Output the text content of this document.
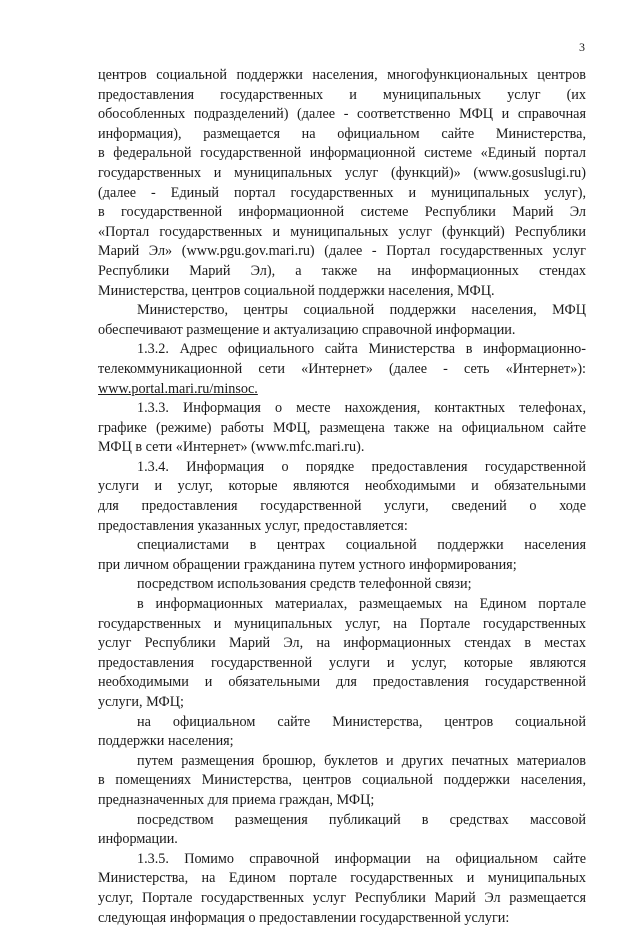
3
центров социальной поддержки населения, многофункциональных центров
предоставления государственных и муниципальных услуг (их
обособленных подразделений) (далее - соответственно МФЦ и справочная
информация), размещается на официальном сайте Министерства,
в федеральной государственной информационной системе «Единый портал
государственных и муниципальных услуг (функций)» (www.gosuslugi.ru)
(далее - Единый портал государственных и муниципальных услуг),
в государственной информационной системе Республики Марий Эл
«Портал государственных и муниципальных услуг (функций) Республики
Марий Эл» (www.pgu.gov.mari.ru) (далее - Портал государственных услуг
Республики Марий Эл), а также на информационных стендах
Министерства, центров социальной поддержки населения, МФЦ.
Министерство, центры социальной поддержки населения, МФЦ
обеспечивают размещение и актуализацию справочной информации.
1.3.2. Адрес официального сайта Министерства в информационно-
телекоммуникационной сети «Интернет» (далее - сеть «Интернет»):
www.portal.mari.ru/minsoc.
1.3.3. Информация о месте нахождения, контактных телефонах,
графике (режиме) работы МФЦ, размещена также на официальном сайте
МФЦ в сети «Интернет» (www.mfc.mari.ru).
1.3.4. Информация о порядке предоставления государственной
услуги и услуг, которые являются необходимыми и обязательными
для предоставления государственной услуги, сведений о ходе
предоставления указанных услуг, предоставляется:
специалистами в центрах социальной поддержки населения
при личном обращении гражданина путем устного информирования;
посредством использования средств телефонной связи;
в информационных материалах, размещаемых на Едином портале
государственных и муниципальных услуг, на Портале государственных
услуг Республики Марий Эл, на информационных стендах в местах
предоставления государственной услуги и услуг, которые являются
необходимыми и обязательными для предоставления государственной
услуги, МФЦ;
на официальном сайте Министерства, центров социальной
поддержки населения;
путем размещения брошюр, буклетов и других печатных материалов
в помещениях Министерства, центров социальной поддержки населения,
предназначенных для приема граждан, МФЦ;
посредством размещения публикаций в средствах массовой
информации.
1.3.5. Помимо справочной информации на официальном сайте
Министерства, на Едином портале государственных и муниципальных
услуг, Портале государственных услуг Республики Марий Эл размещается
следующая информация о предоставлении государственной услуги:
